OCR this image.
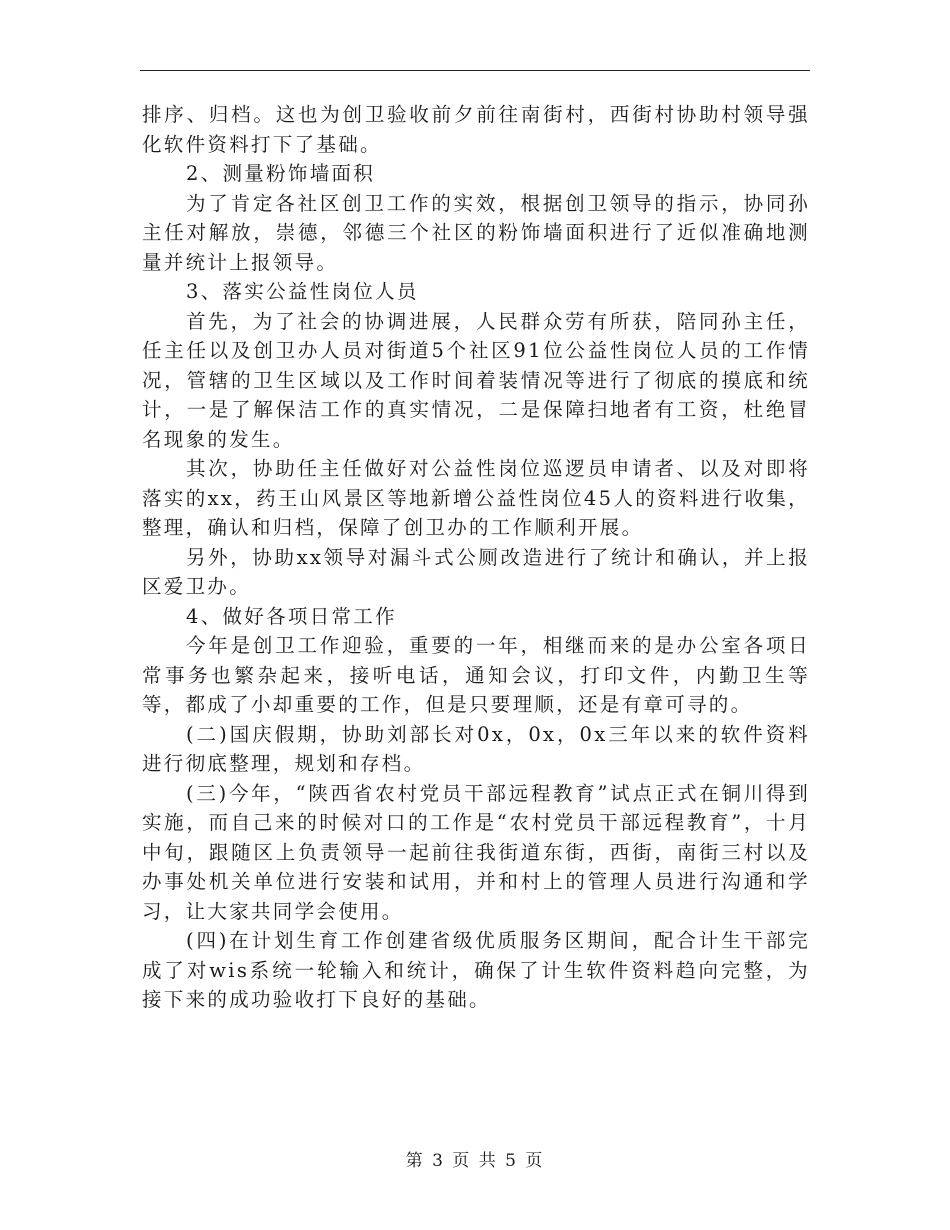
排序、归档。这也为创卫验收前夕前往南街村，西街村协助村领导强化软件资料打下了基础。

2、测量粉饰墙面积

为了肯定各社区创卫工作的实效，根据创卫领导的指示，协同孙主任对解放，崇德，邻德三个社区的粉饰墙面积进行了近似准确地测量并统计上报领导。

3、落实公益性岗位人员

首先，为了社会的协调进展，人民群众劳有所获，陪同孙主任，任主任以及创卫办人员对街道5个社区91位公益性岗位人员的工作情况，管辖的卫生区域以及工作时间着装情况等进行了彻底的摸底和统计，一是了解保洁工作的真实情况，二是保障扫地者有工资，杜绝冒名现象的发生。

其次，协助任主任做好对公益性岗位巡逻员申请者、以及对即将落实的xx，药王山风景区等地新增公益性岗位45人的资料进行收集，整理，确认和归档，保障了创卫办的工作顺利开展。

另外，协助xx领导对漏斗式公厕改造进行了统计和确认，并上报区爱卫办。

4、做好各项日常工作

今年是创卫工作迎验，重要的一年，相继而来的是办公室各项日常事务也繁杂起来，接听电话，通知会议，打印文件，内勤卫生等等，都成了小却重要的工作，但是只要理顺，还是有章可寻的。

(二)国庆假期，协助刘部长对0x，0x，0x三年以来的软件资料进行彻底整理，规划和存档。

(三)今年，“陕西省农村党员干部远程教育”试点正式在铜川得到实施，而自己来的时候对口的工作是“农村党员干部远程教育”，十月中旬，跟随区上负责领导一起前往我街道东街，西街，南街三村以及办事处机关单位进行安装和试用，并和村上的管理人员进行沟通和学习，让大家共同学会使用。

(四)在计划生育工作创建省级优质服务区期间，配合计生干部完成了对wis系统一轮输入和统计，确保了计生软件资料趋向完整，为接下来的成功验收打下良好的基础。

第 3 页 共 5 页
